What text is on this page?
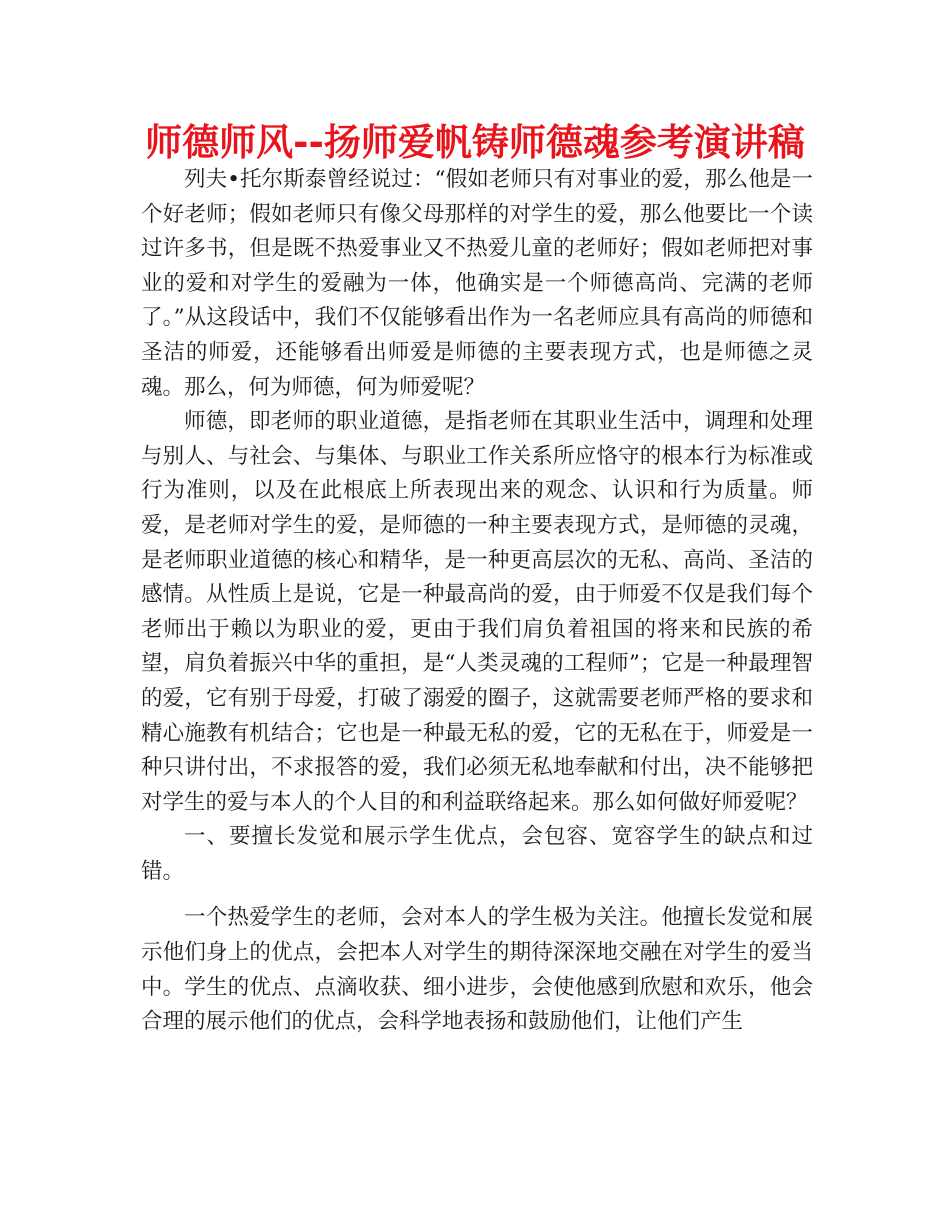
师德师风--扬师爱帆铸师德魂参考演讲稿

列夫•托尔斯泰曾经说过：“假如老师只有对事业的爱，那么他是一个好老师；假如老师只有像父母那样的对学生的爱，那么他要比一个读过许多书，但是既不热爱事业又不热爱儿童的老师好；假如老师把对事业的爱和对学生的爱融为一体，他确实是一个师德高尚、完满的老师了。”从这段话中，我们不仅能够看出作为一名老师应具有高尚的师德和圣洁的师爱，还能够看出师爱是师德的主要表现方式，也是师德之灵魂。那么，何为师德，何为师爱呢？

师德，即老师的职业道德，是指老师在其职业生活中，调理和处理与别人、与社会、与集体、与职业工作关系所应恪守的根本行为标准或行为准则，以及在此根底上所表现出来的观念、认识和行为质量。师爱，是老师对学生的爱，是师德的一种主要表现方式，是师德的灵魂，是老师职业道德的核心和精华，是一种更高层次的无私、高尚、圣洁的感情。从性质上是说，它是一种最高尚的爱，由于师爱不仅是我们每个老师出于赖以为职业的爱，更由于我们肩负着祖国的将来和民族的希望，肩负着振兴中华的重担，是“人类灵魂的工程师”；它是一种最理智的爱，它有别于母爱，打破了溺爱的圈子，这就需要老师严格的要求和精心施教有机结合；它也是一种最无私的爱，它的无私在于，师爱是一种只讲付出，不求报答的爱，我们必须无私地奉献和付出，决不能够把对学生的爱与本人的个人目的和利益联络起来。那么如何做好师爱呢？

一、要擅长发觉和展示学生优点，会包容、宽容学生的缺点和过错。

一个热爱学生的老师，会对本人的学生极为关注。他擅长发觉和展示他们身上的优点，会把本人对学生的期待深深地交融在对学生的爱当中。学生的优点、点滴收获、细小进步，会使他感到欣慰和欢乐，他会合理的展示他们的优点，会科学地表扬和鼓励他们，让他们产生
